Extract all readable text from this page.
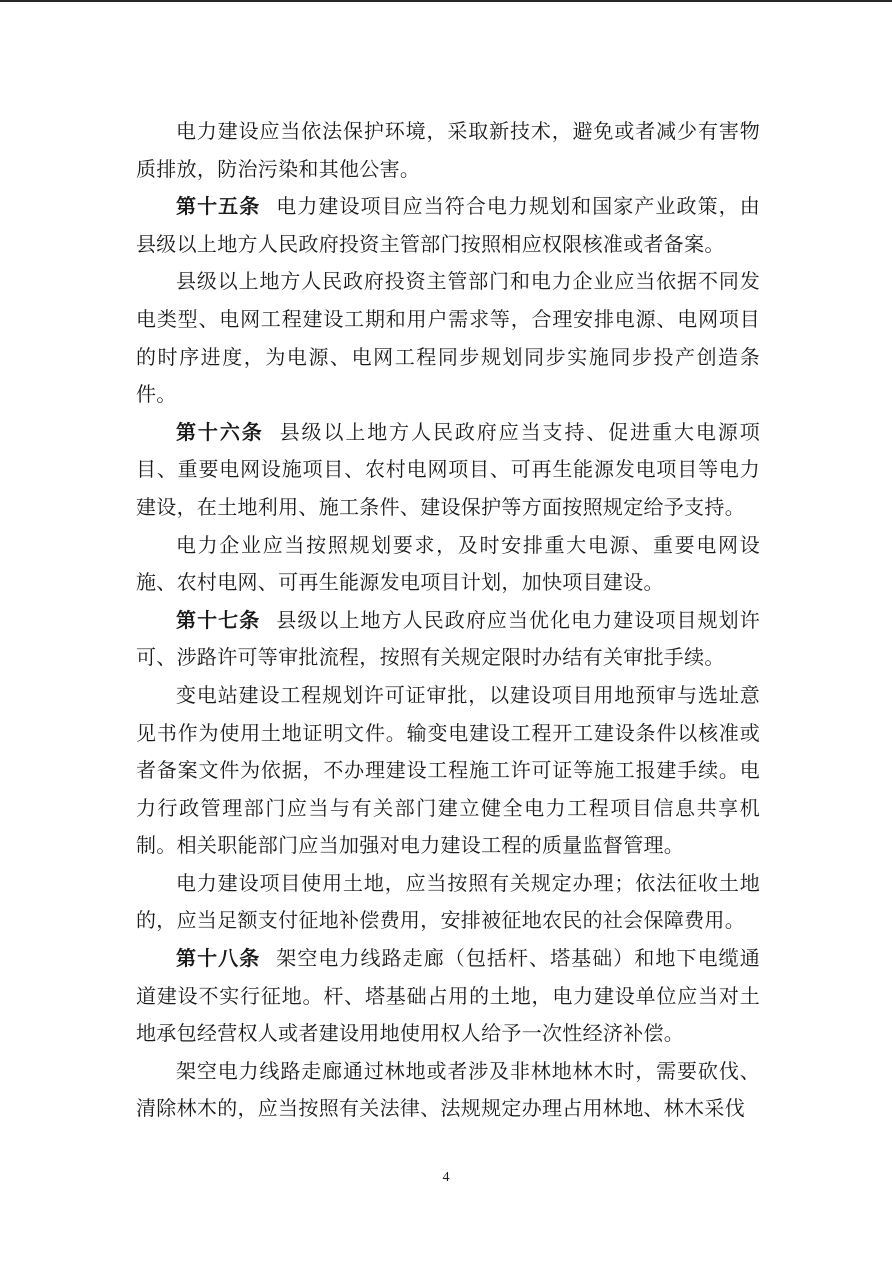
电力建设应当依法保护环境，采取新技术，避免或者减少有害物质排放，防治污染和其他公害。

第十五条 电力建设项目应当符合电力规划和国家产业政策，由县级以上地方人民政府投资主管部门按照相应权限核准或者备案。

县级以上地方人民政府投资主管部门和电力企业应当依据不同发电类型、电网工程建设工期和用户需求等，合理安排电源、电网项目的时序进度，为电源、电网工程同步规划同步实施同步投产创造条件。

第十六条 县级以上地方人民政府应当支持、促进重大电源项目、重要电网设施项目、农村电网项目、可再生能源发电项目等电力建设，在土地利用、施工条件、建设保护等方面按照规定给予支持。

电力企业应当按照规划要求，及时安排重大电源、重要电网设施、农村电网、可再生能源发电项目计划，加快项目建设。

第十七条 县级以上地方人民政府应当优化电力建设项目规划许可、涉路许可等审批流程，按照有关规定限时办结有关审批手续。

变电站建设工程规划许可证审批，以建设项目用地预审与选址意见书作为使用土地证明文件。输变电建设工程开工建设条件以核准或者备案文件为依据，不办理建设工程施工许可证等施工报建手续。电力行政管理部门应当与有关部门建立健全电力工程项目信息共享机制。相关职能部门应当加强对电力建设工程的质量监督管理。

电力建设项目使用土地，应当按照有关规定办理；依法征收土地的，应当足额支付征地补偿费用，安排被征地农民的社会保障费用。

第十八条 架空电力线路走廊（包括杆、塔基础）和地下电缆通道建设不实行征地。杆、塔基础占用的土地，电力建设单位应当对土地承包经营权人或者建设用地使用权人给予一次性经济补偿。

架空电力线路走廊通过林地或者涉及非林地林木时，需要砍伐、清除林木的，应当按照有关法律、法规规定办理占用林地、林木采伐

4
